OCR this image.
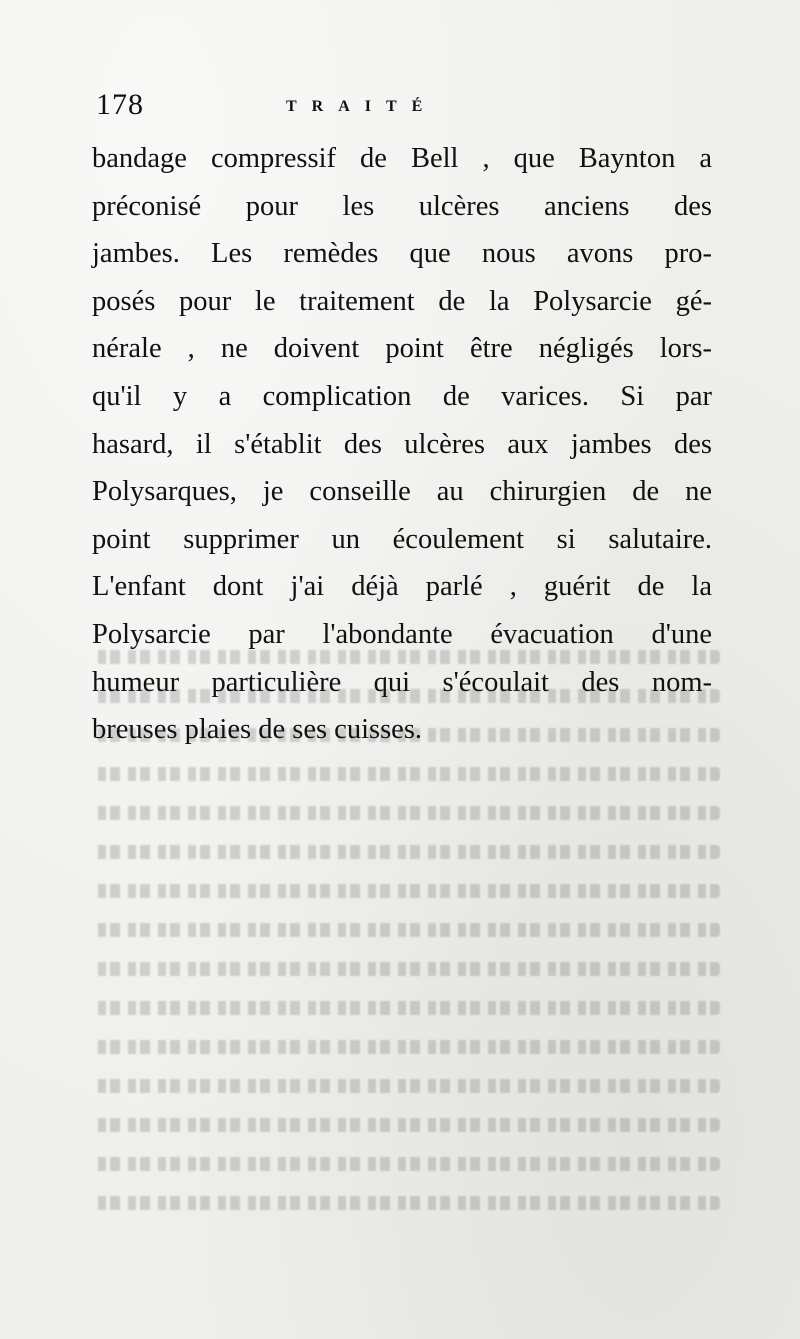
178	TRAITÉ
bandage compressif de Bell , que Baynton a
préconisé pour les ulcères anciens des
jambes. Les remèdes que nous avons pro-
posés pour le traitement de la Polysarcie gé-
nérale , ne doivent point être négligés lors-
qu'il y a complication de varices. Si par
hasard, il s'établit des ulcères aux jambes des
Polysarques, je conseille au chirurgien de ne
point supprimer un écoulement si salutaire.
L'enfant dont j'ai déjà parlé , guérit de la
Polysarcie par l'abondante évacuation d'une
humeur particulière qui s'écoulait des nom-
breuses plaies de ses cuisses.
